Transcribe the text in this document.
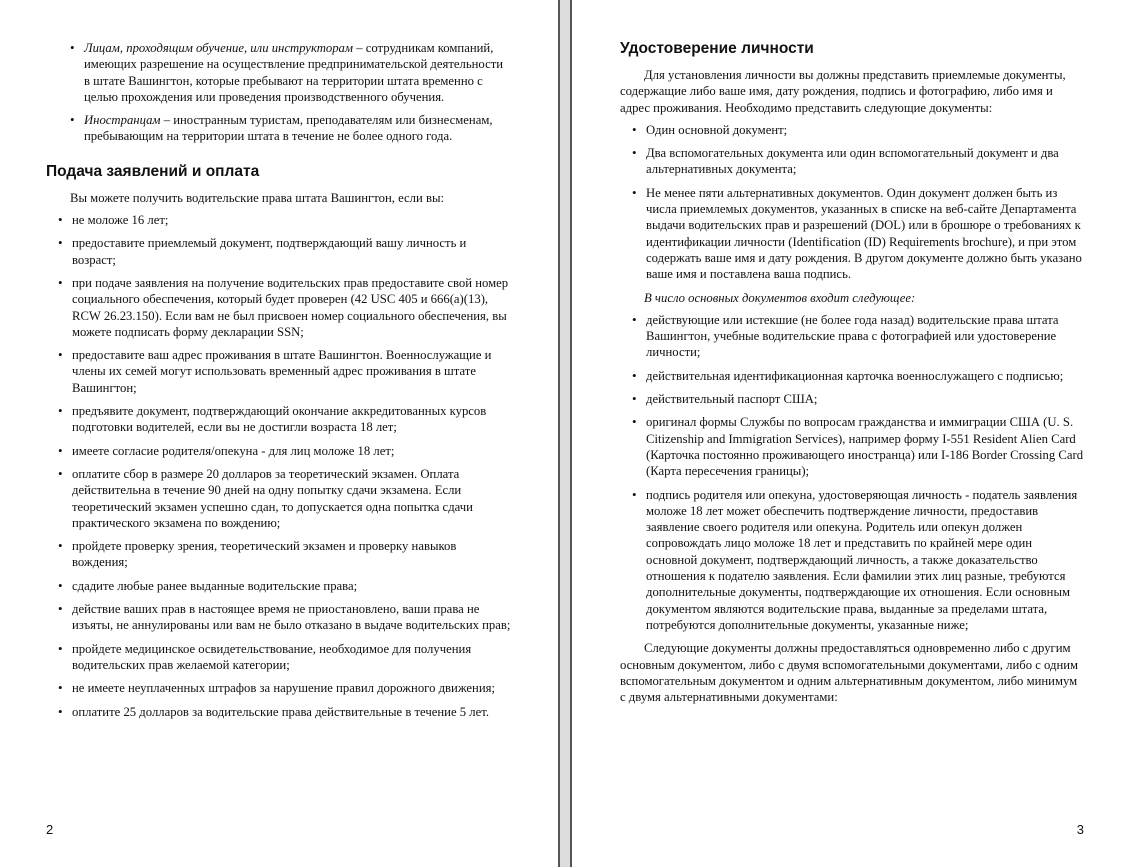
• Лицам, проходящим обучение, или инструкторам – сотрудникам компаний, имеющих разрешение на осуществление предпринимательской деятельности в штате Вашингтон, которые пребывают на территории штата временно с целью прохождения или проведения производственного обучения.
• Иностранцам – иностранным туристам, преподавателям или бизнесменам, пребывающим на территории штата в течение не более одного года.
Подача заявлений и оплата

Вы можете получить водительские права штата Вашингтон, если вы:

• не моложе 16 лет;
• предоставите приемлемый документ, подтверждающий вашу личность и возраст;
• при подаче заявления на получение водительских прав предоставите свой номер социального обеспечения, который будет проверен (42 USC 405 и 666(a)(13), RCW 26.23.150). Если вам не был присвоен номер социального обеспечения, вы можете подписать форму декларации SSN;
• предоставите ваш адрес проживания в штате Вашингтон. Военнослужащие и члены их семей могут использовать временный адрес проживания в штате Вашингтон;
• предъявите документ, подтверждающий окончание аккредитованных курсов подготовки водителей, если вы не достигли возраста 18 лет;
• имеете согласие родителя/опекуна - для лиц моложе 18 лет;
• оплатите сбор в размере 20 долларов за теоретический экзамен. Оплата действительна в течение 90 дней на одну попытку сдачи экзамена. Если теоретический экзамен успешно сдан, то допускается одна попытка сдачи практического экзамена по вождению;
• пройдете проверку зрения, теоретический экзамен и проверку навыков вождения;
• сдадите любые ранее выданные водительские права;
• действие ваших прав в настоящее время не приостановлено, ваши права не изъяты, не аннулированы или вам не было отказано в выдаче водительских прав;
• пройдете медицинское освидетельствование, необходимое для получения водительских прав желаемой категории;
• не имеете неуплаченных штрафов за нарушение правил дорожного движения;
• оплатите 25 долларов за водительские права действительные в течение 5 лет.
2
Удостоверение личности

Для установления личности вы должны представить приемлемые документы, содержащие либо ваше имя, дату рождения, подпись и фотографию, либо имя и адрес проживания. Необходимо представить следующие документы:

• Один основной документ;
• Два вспомогательных документа или один вспомогательный документ и два альтернативных документа;
• Не менее пяти альтернативных документов. Один документ должен быть из числа приемлемых документов, указанных в списке на веб-сайте Департамента выдачи водительских прав и разрешений (DOL) или в брошюре о требованиях к идентификации личности (Identification (ID) Requirements brochure), и при этом содержать ваше имя и дату рождения. В другом документе должно быть указано ваше имя и поставлена ваша подпись.

В число основных документов входит следующее:

• действующие или истекшие (не более года назад) водительские права штата Вашингтон, учебные водительские права с фотографией или удостоверение личности;
• действительная идентификационная карточка военнослужащего с подписью;
• действительный паспорт США;
• оригинал формы Службы по вопросам гражданства и иммиграции США (U. S. Citizenship and Immigration Services), например форму I-551 Resident Alien Card (Карточка постоянно проживающего иностранца) или I-186 Border Crossing Card (Карта пересечения границы);
• подпись родителя или опекуна, удостоверяющая личность - податель заявления моложе 18 лет может обеспечить подтверждение личности, предоставив заявление своего родителя или опекуна. Родитель или опекун должен сопровождать лицо моложе 18 лет и представить по крайней мере один основной документ, подтверждающий личность, а также доказательство отношения к подателю заявления. Если фамилии этих лиц разные, требуются дополнительные документы, подтверждающие их отношения. Если основным документом являются водительские права, выданные за пределами штата, потребуются дополнительные документы, указанные ниже;

Следующие документы должны предоставляться одновременно либо с другим основным документом, либо с двумя вспомогательными документами, либо с одним вспомогательным документом и одним альтернативным документом, либо минимум с двумя альтернативными документами:

3
